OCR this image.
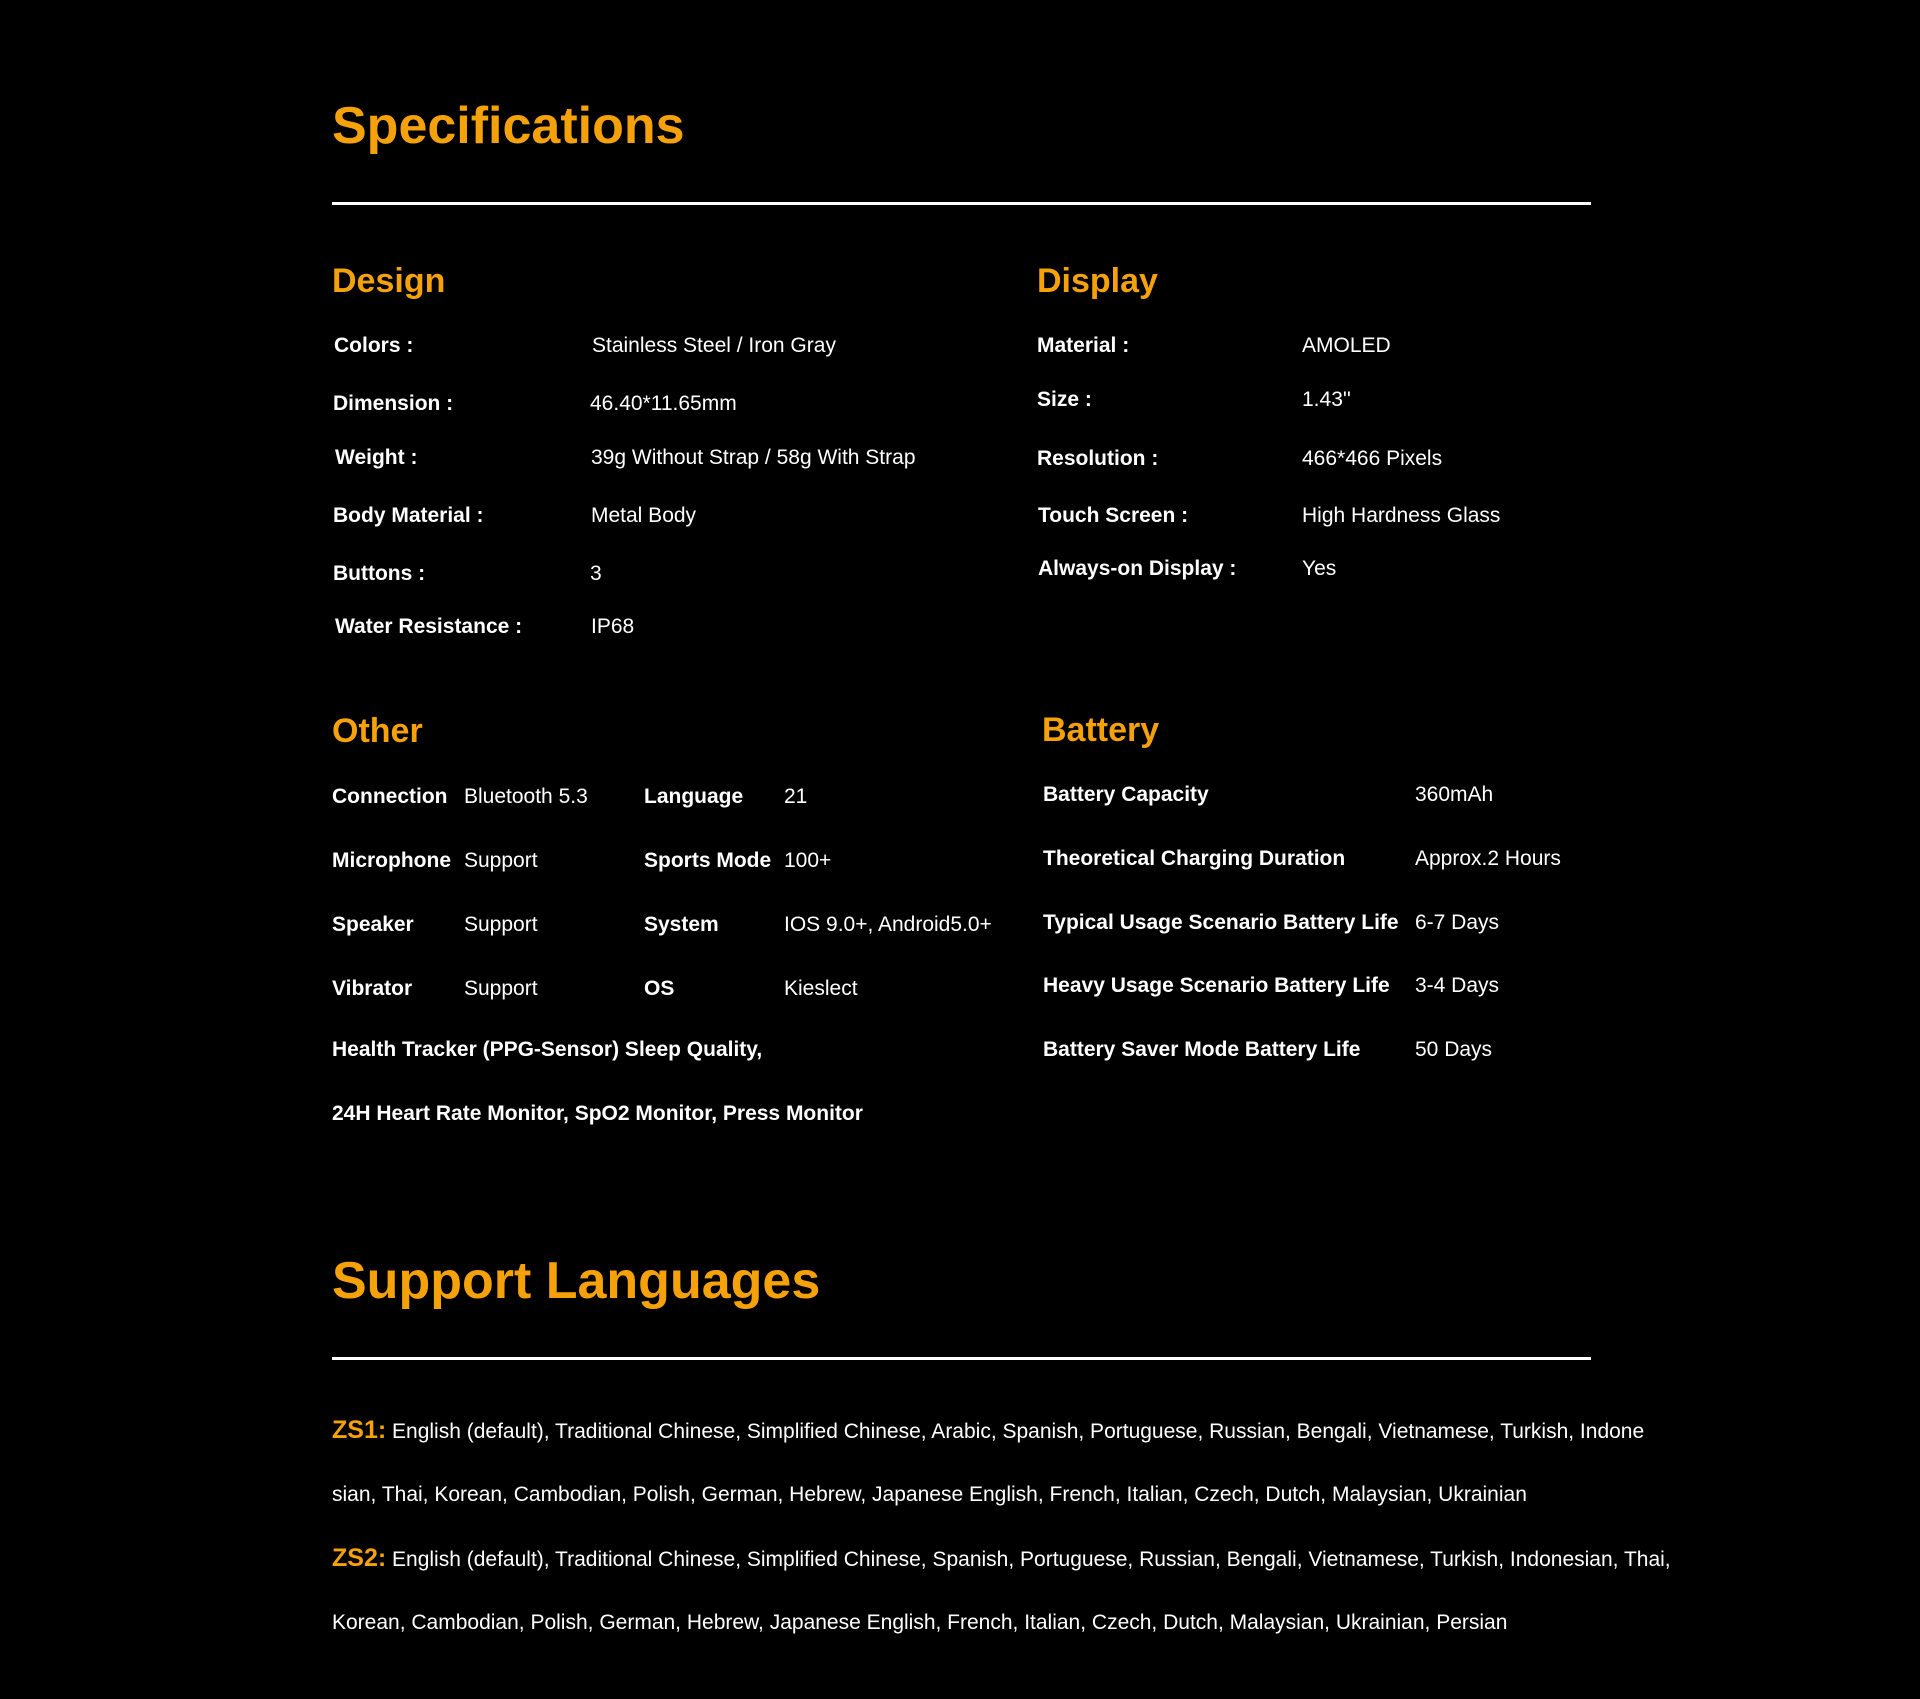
Specifications
Design
Colors :	Stainless Steel / Iron Gray
Dimension :	46.40*11.65mm
Weight :	39g Without Strap / 58g With Strap
Body Material :	Metal Body
Buttons :	3
Water Resistance :	IP68
Display
Material :	AMOLED
Size :	1.43''
Resolution :	466*466 Pixels
Touch Screen :	High Hardness Glass
Always-on Display :	Yes
Other
Connection Bluetooth 5.3	Language 21
Microphone Support	Sports Mode 100+
Speaker Support	System	IOS 9.0+, Android5.0+
Vibrator Support	OS	Kieslect
Health Tracker (PPG-Sensor) Sleep Quality,
24H Heart Rate Monitor, SpO2 Monitor, Press Monitor
Battery
Battery Capacity	360mAh
Theoretical Charging Duration	Approx.2 Hours
Typical Usage Scenario Battery Life 6-7 Days
Heavy Usage Scenario Battery Life 3-4 Days
Battery Saver Mode Battery Life	50 Days
Support Languages
ZS1: English (default), Traditional Chinese, Simplified Chinese, Arabic, Spanish, Portuguese, Russian, Bengali, Vietnamese, Turkish, Indone
sian, Thai, Korean, Cambodian, Polish, German, Hebrew, Japanese English, French, Italian, Czech, Dutch, Malaysian, Ukrainian
ZS2: English (default), Traditional Chinese, Simplified Chinese, Spanish, Portuguese, Russian, Bengali, Vietnamese, Turkish, Indonesian, Thai,
Korean, Cambodian, Polish, German, Hebrew, Japanese English, French, Italian, Czech, Dutch, Malaysian, Ukrainian, Persian
